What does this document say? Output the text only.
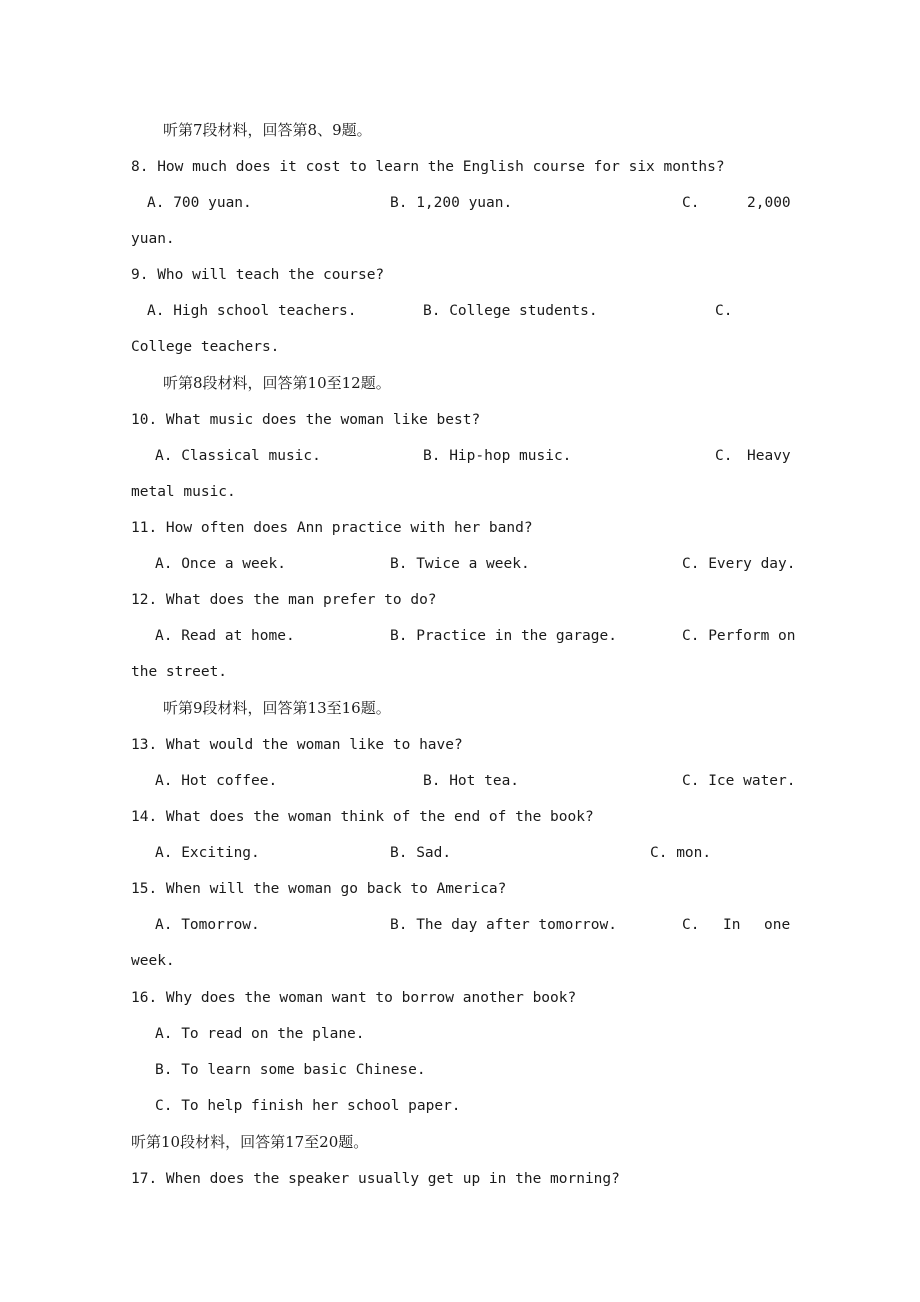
听第7段材料，回答第8、9题。
8. How much does it cost to learn the English course for six months?
A. 700 yuan.	B. 1,200 yuan.	C.	2,000
yuan.
9. Who will teach the course?
A. High school teachers.	B. College students.	C.
College teachers.
听第8段材料，回答第10至12题。
10. What music does the woman like best?
A. Classical music.	B. Hip-hop music.	C. Heavy
metal music.
11. How often does Ann practice with her band?
A. Once a week.	B. Twice a week.	C. Every day.
12. What does the man prefer to do?
A. Read at home.	B. Practice in the garage.	C. Perform on
the street.
听第9段材料，回答第13至16题。
13. What would the woman like to have?
A. Hot coffee.	B. Hot tea.	C. Ice water.
14. What does the woman think of the end of the book?
A. Exciting.	B. Sad.	C. mon.
15. When will the woman go back to America?
A. Tomorrow.	B. The day after tomorrow.	C. In one
week.
16. Why does the woman want to borrow another book?
A. To read on the plane.
B. To learn some basic Chinese.
C. To help finish her school paper.
听第10段材料，回答第17至20题。
17. When does the speaker usually get up in the morning?
